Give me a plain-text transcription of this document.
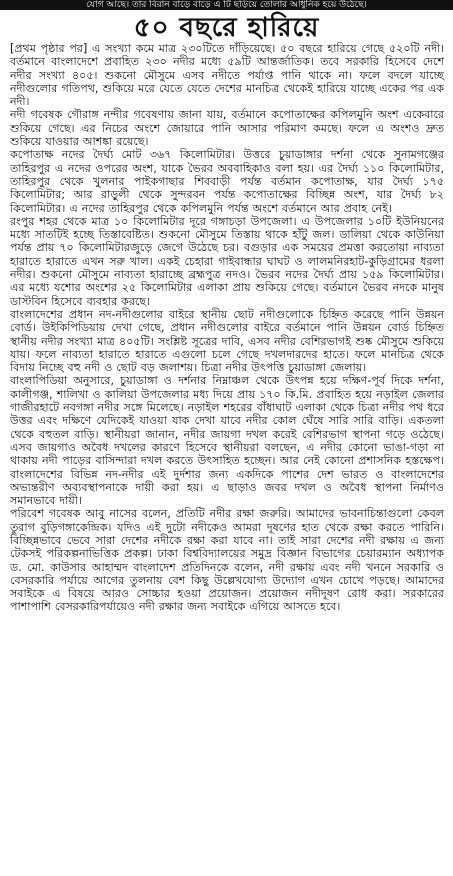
যোগ আছে। তার বিরান বাড়ে বাড়ে এ টি ছড়িয়ে তোলার আধুনিক হয়ে উঠেছে।
৫০ বছরে হারিয়ে

[প্রথম পৃষ্ঠার পর] এ সংখ্যা কমে মাত্র ২৩০টিতে দাঁড়িয়েছে। ৫০ বছরে হারিয়ে গেছে ৫২০টি নদী। বর্তমানে বাংলাদেশে প্রবাহিত ২৩০ নদীর মধ্যে ৫৯টি আন্তর্জাতিক। তবে সরকারি হিসেবে দেশে নদীর সংখ্যা ৪০৫। শুকনো মৌসুমে এসব নদীতে পর্যাপ্ত পানি থাকে না। ফলে বদলে যাচ্ছে নদীগুলোর গতিপথ, শুকিয়ে মরে যেতে যেতে দেশের মানচিত্র থেকেই হারিয়ে যাচ্ছে একের পর এক নদী।

নদী গবেষক গৌরাঙ্গ নন্দীর গবেষণায় জানা যায়, বর্তমানে কপোতাক্ষের কপিলমুনি অংশ একেবারে শুকিয়ে গেছে। এর নিচের অংশে জোয়ারে পানি আসার পরিমাণ কমছে। ফলে এ অংশও দ্রুত শুকিয়ে যাওয়ার আশঙ্কা রয়েছে।

কপোতাক্ষ নদের দৈর্ঘ্য মোট ৩৬৭ কিলোমিটার। উত্তরে চুয়াডাঙ্গার দর্শনা থেকে সুনামগঞ্জের তাহিরপুর এ নদের ওপরের অংশ, যাকে ভৈরব অববাহিকাও বলা হয়। এর দৈর্ঘ্য ১১০ কিলোমিটার, তাহিরপুর থেকে খুলনার পাইকগাছার শিববাড়ী পর্যন্ত বর্তমান কপোতাক্ষ, যার দৈর্ঘ্য ১৭৫ কিলোমিটার; আর রাড়ুলী থেকে সুন্দরবন পর্যন্ত কপোতাক্ষের বিচ্ছিন্ন অংশ, যার দৈর্ঘ্য ৮২ কিলোমিটার। এ নদের তাহিরপুর থেকে কপিলমুনি পর্যন্ত অংশে বর্তমানে আর প্রবাহ নেই।

রংপুর শহর থেকে মাত্র ১০ কিলোমিটার দূরে গঙ্গাচড়া উপজেলা। এ উপজেলার ১০টি ইউনিয়নের মধ্যে সাতটিই হচ্ছে তিস্তাবেষ্টিত। শুকনো মৌসুমে তিস্তায় থাকে হাঁটু জল। ডালিয়া থেকে কাউনিয়া পর্যন্ত প্রায় ৭০ কিলোমিটারজুড়ে জেগে উঠেছে চর। বগুড়ার এক সময়ের প্রমত্তা করতোয়া নাব্যতা হারাতে হারাতে এখন সরু খাল। একই চেহারা গাইবান্ধার ঘাঘট ও লালমনিরহাট-কুড়িগ্রামের ধরলা নদীর। শুকনো মৌসুমে নাব্যতা হারাচ্ছে ব্রহ্মপুত্র নদও। ভৈরব নদের দৈর্ঘ্য প্রায় ১৫৯ কিলোমিটার। এর মধ্যে যশোর অংশের ২৫ কিলোমিটার এলাকা প্রায় শুকিয়ে গেছে। বর্তমানে ভৈরব নদকে মানুষ ডাস্টবিন হিসেবে ব্যবহার করছে।

বাংলাদেশের প্রধান নদ-নদীগুলোর বাইরে স্থানীয় ছোট নদীগুলোকে চিহ্নিত করেছে পানি উন্নয়ন বোর্ড। উইকিপিডিয়ায় দেখা গেছে, প্রধান নদীগুলোর বাইরে বর্তমানে পানি উন্নয়ন বোর্ড চিহ্নিত স্থানীয় নদীর সংখ্যা মাত্র ৪০৫টি। সংশ্লিষ্ট সূত্রের দাবি, এসব নদীর বেশিরভাগই শুষ্ক মৌসুমে শুকিয়ে যায়। ফলে নাব্যতা হারাতে হারাতে এগুলো চলে গেছে দখলদারদের হাতে। ফলে মানচিত্র থেকে বিদায় নিচ্ছে বহু নদী ও ছোট বড় জলাশয়। চিত্রা নদীর উৎপত্তি চুয়াডাঙ্গা জেলায়।

বাংলাপিডিয়া অনুসারে, চুয়াডাঙ্গা ও দর্শনার নিম্নাঞ্চল থেকে উৎপন্ন হয়ে দক্ষিণ-পূর্ব দিকে দর্শনা, কালীগঞ্জ, শালিখা ও কালিয়া উপজেলার মধ্য দিয়ে প্রায় ১৭০ কি.মি. প্রবাহিত হয়ে নড়াইল জেলার গাজীরহাটে নবগঙ্গা নদীর সঙ্গে মিলেছে। নড়াইল শহরের বাঁধাঘাট এলাকা থেকে চিত্রা নদীর পথ ধরে উত্তর এবং দক্ষিণে যেদিকেই যাওয়া যাক দেখা যাবে নদীর কোল ঘেঁষে সারি সারি বাড়ি। একতলা থেকে বহুতল বাড়ি। স্থানীয়রা জানান, নদীর জায়গা দখল করেই বেশিরভাগ স্থাপনা গড়ে ওঠেছে। এসব জায়গাও অবৈধ দখলের কারণে হিসেবে স্থানীয়রা বলছেন, এ নদীর কোনো ভাঙা-গড়া না থাকায় নদী পাড়ের বাসিন্দারা দখল করতে উৎসাহিত হচ্ছেন। আর নেই কোনো প্রশাসনিক হস্তক্ষেপ। বাংলাদেশের বিভিন্ন নদ-নদীর এই দুর্দশার জন্য একদিকে পাশের দেশ ভারত ও বাংলাদেশের অভ্যন্তরীণ অব্যবস্থাপনাকে দায়ী করা হয়। এ ছাড়াও জবর দখল ও অবৈধ স্থাপনা নির্মাণও সমানভাবে দায়ী।

পরিবেশ গবেষক আবু নাসের বলেন, প্রতিটি নদীর রক্ষা জরুরি। আমাদের ভাবনাচিন্তাগুলো কেবল তুরাগ বুড়িগঙ্গাকেন্দ্রিক। যদিও এই দুটো নদীকেও আমরা দূষণের হাত থেকে রক্ষা করতে পারিনি। বিচ্ছিন্নভাবে ভেবে সারা দেশের নদীকে রক্ষা করা যাবে না। তাই সারা দেশের নদী রক্ষায় এ জন্য টেকসই পরিকল্পনাভিত্তিক প্রকল্প। ঢাকা বিশ্ববিদ্যালয়ের সমুদ্র বিজ্ঞান বিভাগের চেয়ারম্যান অধ্যাপক ড. মো. কাউসার আহাম্মদ বাংলাদেশ প্রতিদিনকে বলেন, নদী রক্ষায় এবং নদী খননে সরকারি ও বেসরকারি পর্যায়ে আগের তুলনায় বেশ কিছু উল্লেখযোগ্য উদ্যোগ এখন চোখে পড়ছে। আমাদের সবাইকে এ বিষয়ে আরও সোচ্চার হওয়া প্রয়োজন। প্রয়োজন নদীদূষণ রোধ করা। সরকারের পাশাপাশি বেসরকারিপর্যায়েও নদী রক্ষার জন্য সবাইকে এগিয়ে আসতে হবে।
